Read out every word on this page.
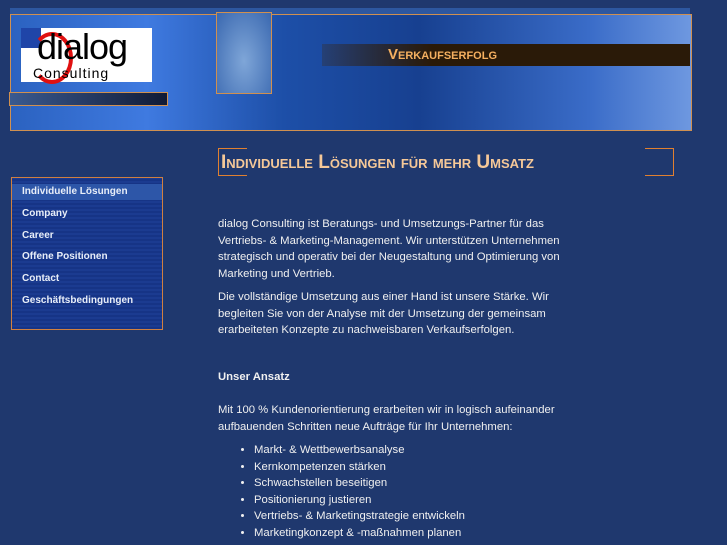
dialog
Consulting
Verkaufserfolg
Individuelle Lösungen für mehr Umsatz
Individuelle Lösungen
Company
Career
Offene Positionen
Contact
Geschäftsbedingungen

dialog Consulting ist Beratungs- und Umsetzungs-Partner für das Vertriebs- & Marketing-Management. Wir unterstützen Unternehmen strategisch und operativ bei der Neugestaltung und Optimierung von Marketing und Vertrieb.

Die vollständige Umsetzung aus einer Hand ist unsere Stärke. Wir begleiten Sie von der Analyse mit der Umsetzung der gemeinsam erarbeiteten Konzepte zu nachweisbaren Verkaufserfolgen.

Unser Ansatz

Mit 100 % Kundenorientierung erarbeiten wir in logisch aufeinander aufbauenden Schritten neue Aufträge für Ihr Unternehmen:

• Markt- & Wettbewerbsanalyse
• Kernkompetenzen stärken
• Schwachstellen beseitigen
• Positionierung justieren
• Vertriebs- & Marketingstrategie entwickeln
• Marketingkonzept & -maßnahmen planen
